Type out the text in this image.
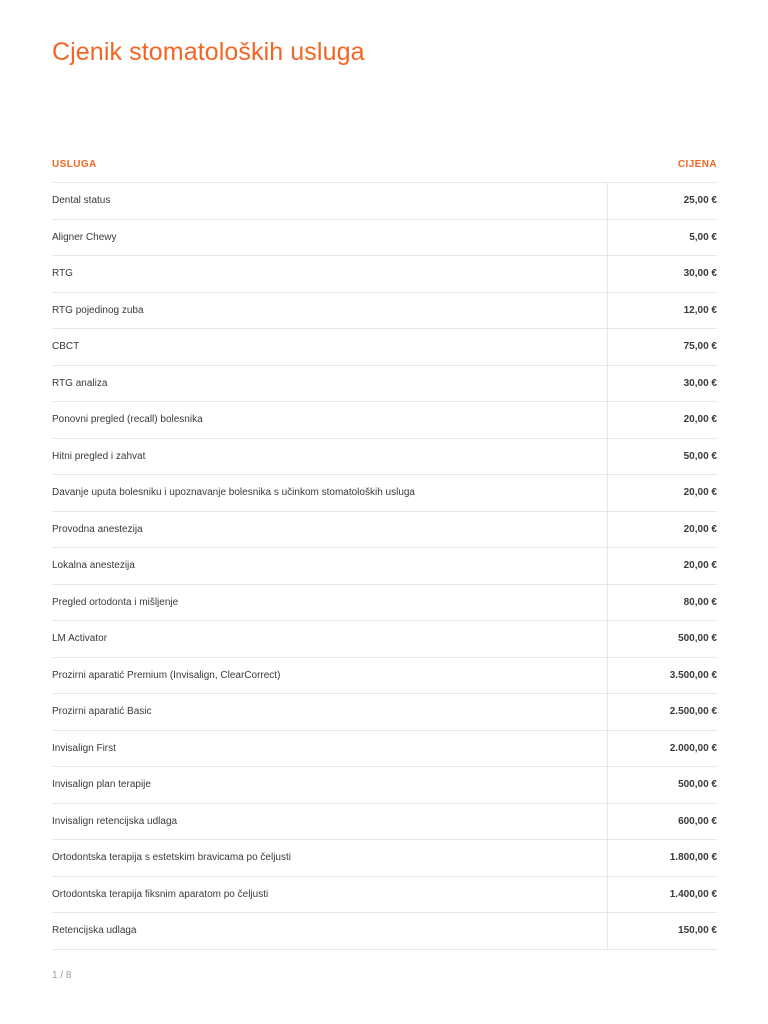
Cjenik stomatoloških usluga
USLUGA	CIJENA
Dental status	25,00 €
Aligner Chewy	5,00 €
RTG	30,00 €
RTG pojedinog zuba	12,00 €
CBCT	75,00 €
RTG analiza	30,00 €
Ponovni pregled (recall) bolesnika	20,00 €
Hitni pregled i zahvat	50,00 €
Davanje uputa bolesniku i upoznavanje bolesnika s učinkom stomatoloških usluga	20,00 €
Provodna anestezija	20,00 €
Lokalna anestezija	20,00 €
Pregled ortodonta i mišljenje	80,00 €
LM Activator	500,00 €
Prozirni aparatić Premium (Invisalign, ClearCorrect)	3.500,00 €
Prozirni aparatić Basic	2.500,00 €
Invisalign First	2.000,00 €
Invisalign plan terapije	500,00 €
Invisalign retencijska udlaga	600,00 €
Ortodontska terapija s estetskim bravicama po čeljusti	1.800,00 €
Ortodontska terapija fiksnim aparatom po čeljusti	1.400,00 €
Retencijska udlaga	150,00 €
1 / 8
